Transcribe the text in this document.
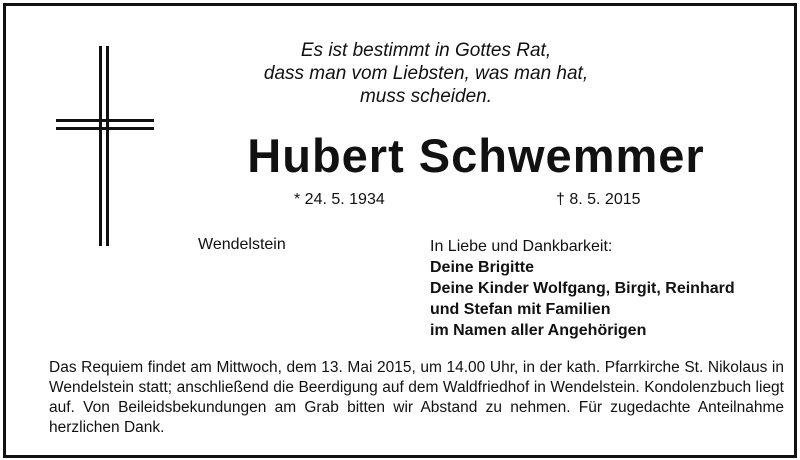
Es ist bestimmt in Gottes Rat,
dass man vom Liebsten, was man hat,
muss scheiden.
Hubert Schwemmer
* 24. 5. 1934	† 8. 5. 2015
Wendelstein	In Liebe und Dankbarkeit:
Deine Brigitte
Deine Kinder Wolfgang, Birgit, Reinhard
und Stefan mit Familien
im Namen aller Angehörigen
Das Requiem findet am Mittwoch, dem 13. Mai 2015, um 14.00 Uhr, in der kath. Pfarrkirche St. Nikolaus in Wendelstein statt; anschließend die Beerdigung auf dem Waldfriedhof in Wendelstein. Kondolenzbuch liegt auf. Von Beileidsbekundungen am Grab bitten wir Abstand zu nehmen. Für zugedachte Anteilnahme herzlichen Dank.
